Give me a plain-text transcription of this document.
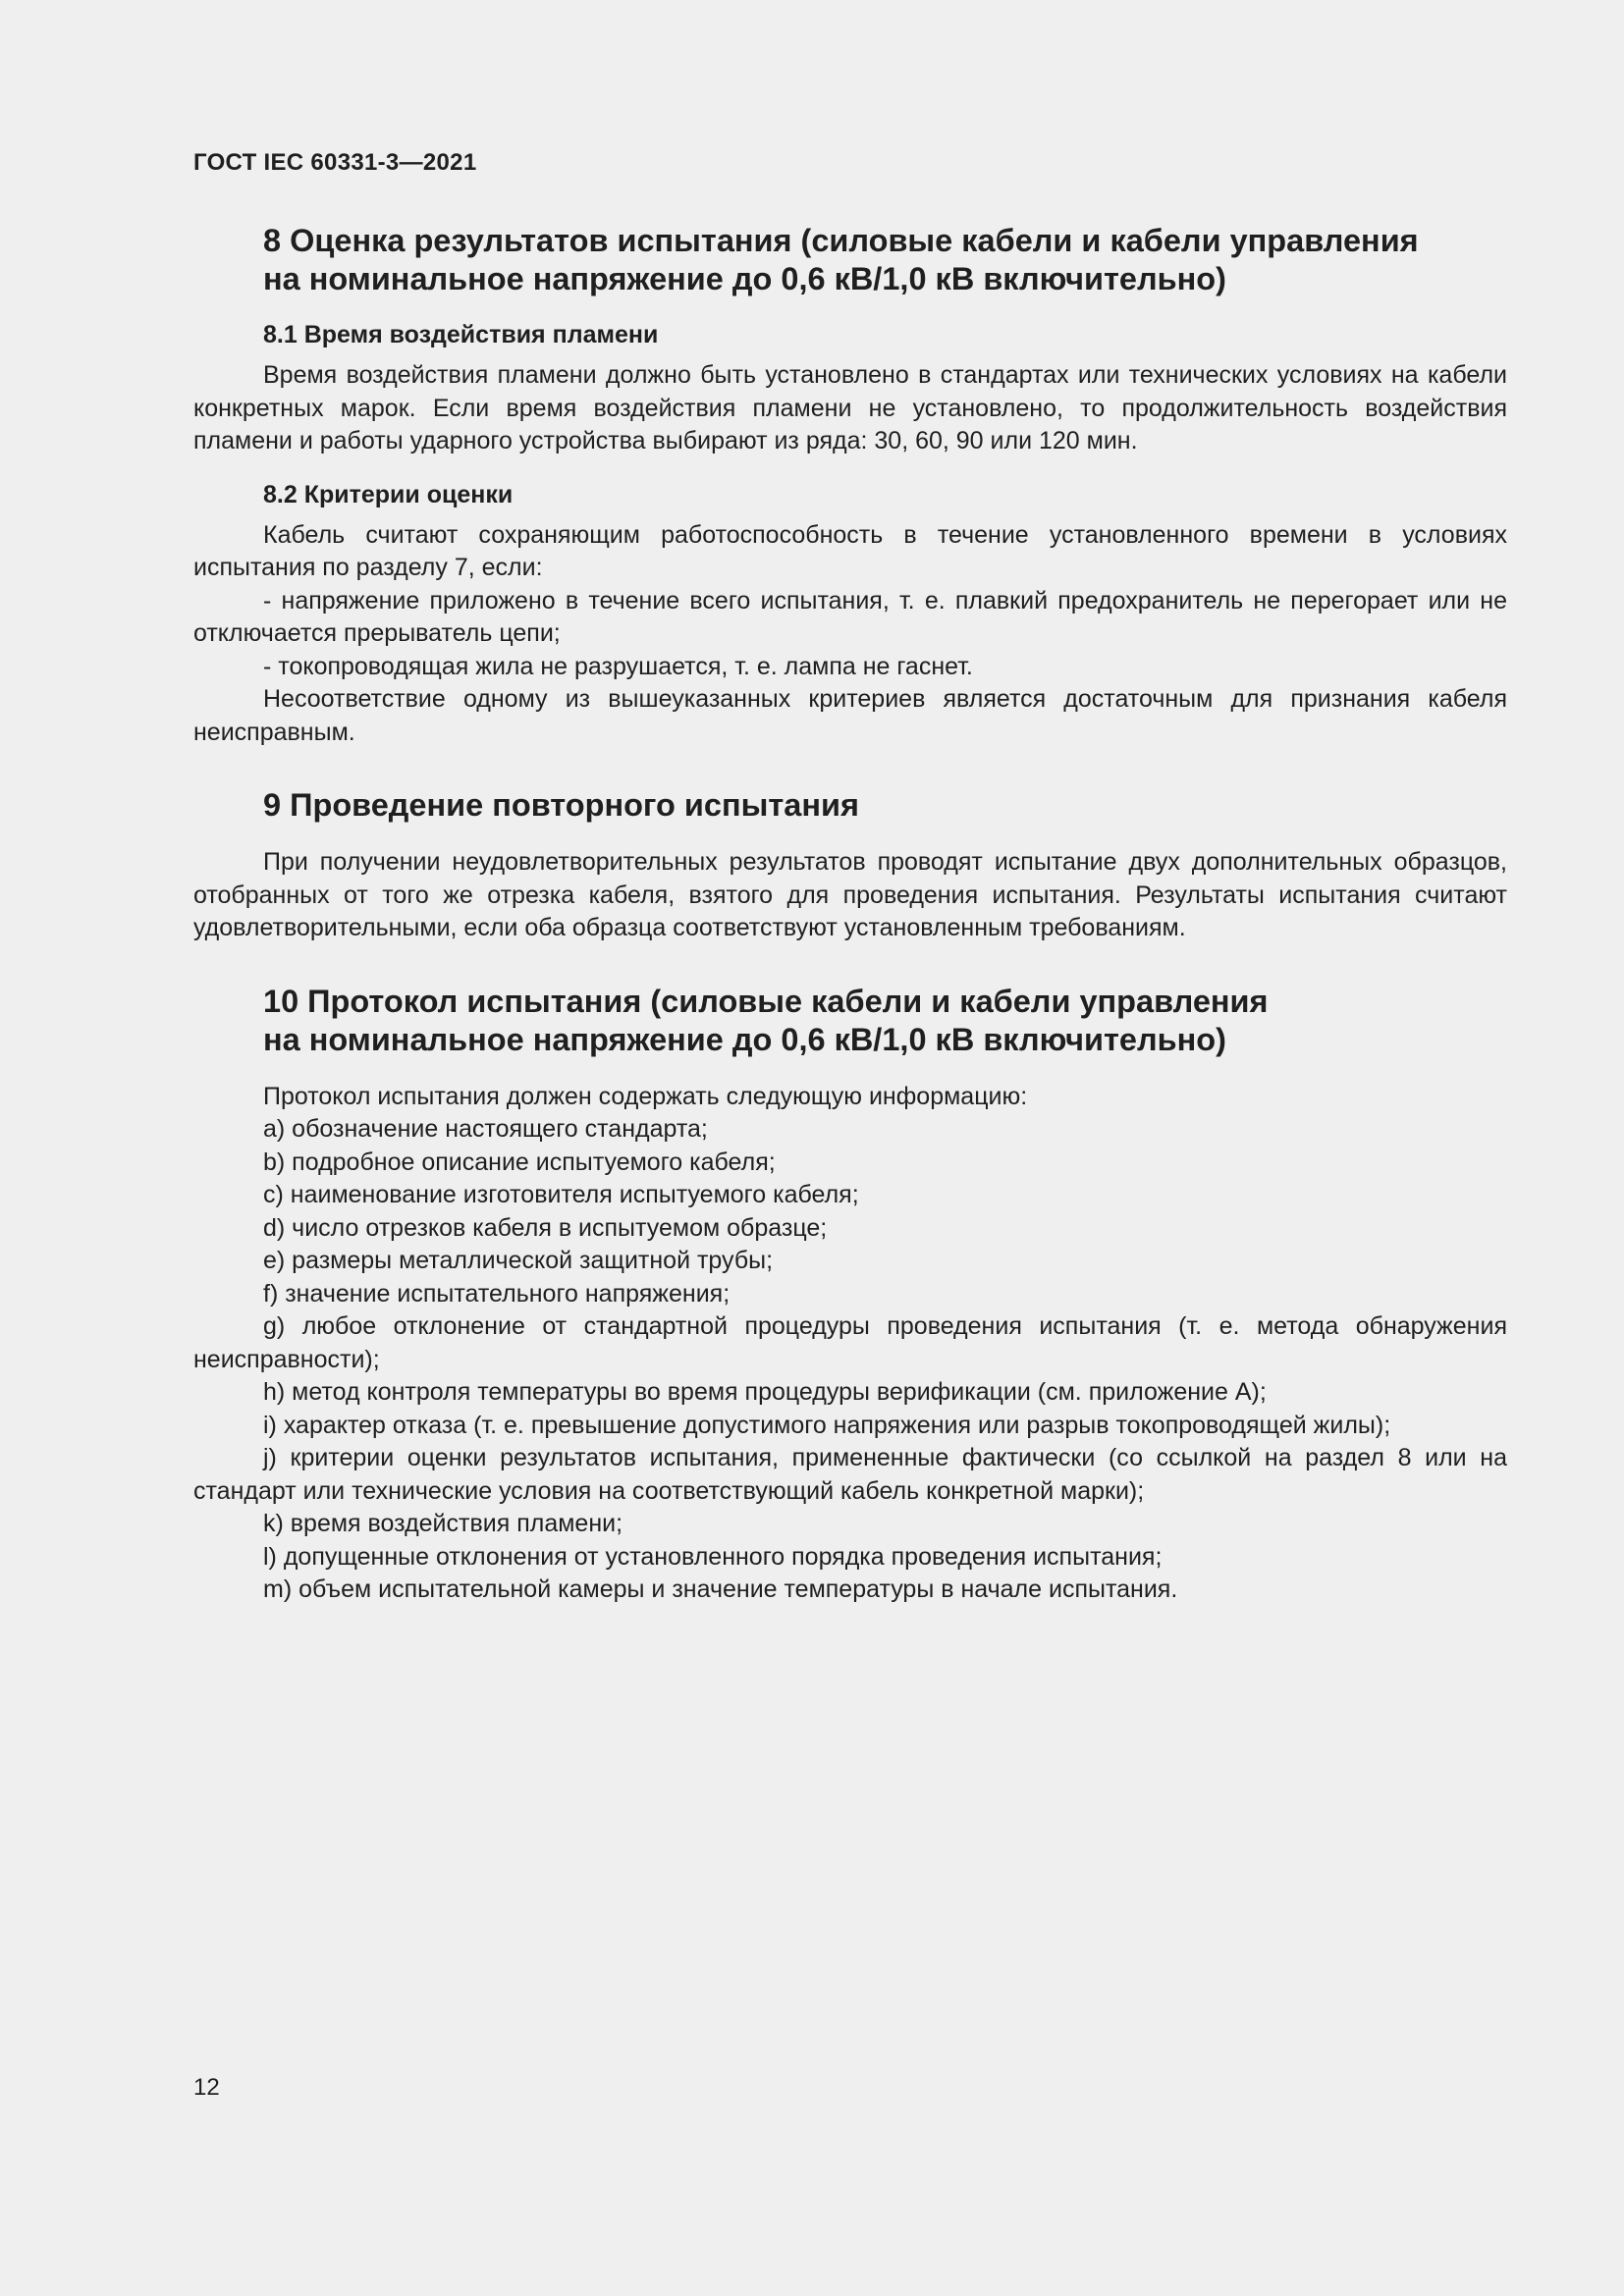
ГОСТ IEC 60331-3—2021
8 Оценка результатов испытания (силовые кабели и кабели управления
на номинальное напряжение до 0,6 кВ/1,0 кВ включительно)
8.1 Время воздействия пламени

Время воздействия пламени должно быть установлено в стандартах или технических условиях на кабели конкретных марок. Если время воздействия пламени не установлено, то продолжительность воздействия пламени и работы ударного устройства выбирают из ряда: 30, 60, 90 или 120 мин.

8.2 Критерии оценки

Кабель считают сохраняющим работоспособность в течение установленного времени в условиях испытания по разделу 7, если:

- напряжение приложено в течение всего испытания, т. е. плавкий предохранитель не перегорает или не отключается прерыватель цепи;

- токопроводящая жила не разрушается, т. е. лампа не гаснет.

Несоответствие одному из вышеуказанных критериев является достаточным для признания кабеля неисправным.

9 Проведение повторного испытания

При получении неудовлетворительных результатов проводят испытание двух дополнительных образцов, отобранных от того же отрезка кабеля, взятого для проведения испытания. Результаты испытания считают удовлетворительными, если оба образца соответствуют установленным требованиям.

10 Протокол испытания (силовые кабели и кабели управления
на номинальное напряжение до 0,6 кВ/1,0 кВ включительно)

Протокол испытания должен содержать следующую информацию:

a) обозначение настоящего стандарта;

b) подробное описание испытуемого кабеля;

c) наименование изготовителя испытуемого кабеля;

d) число отрезков кабеля в испытуемом образце;

e) размеры металлической защитной трубы;

f) значение испытательного напряжения;

g) любое отклонение от стандартной процедуры проведения испытания (т. е. метода обнаружения неисправности);

h) метод контроля температуры во время процедуры верификации (см. приложение А);

i) характер отказа (т. е. превышение допустимого напряжения или разрыв токопроводящей жилы);

j) критерии оценки результатов испытания, примененные фактически (со ссылкой на раздел 8 или на стандарт или технические условия на соответствующий кабель конкретной марки);

k) время воздействия пламени;

l) допущенные отклонения от установленного порядка проведения испытания;

m) объем испытательной камеры и значение температуры в начале испытания.

12
